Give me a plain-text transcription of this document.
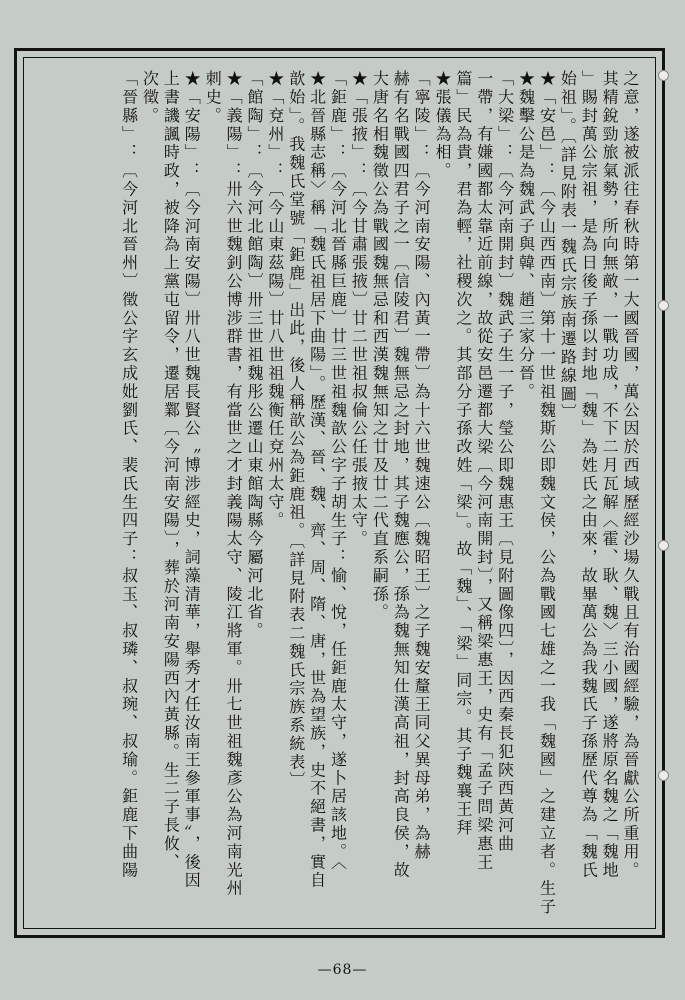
之意，遂被派往春秋時第一大國晉國，萬公因於西域歷經沙場久戰且有治國經驗，為晉獻公所重用。
其精銳勁旅氣勢，所向無敵，一戰功成，不下二月瓦解〈霍、耿、魏〉三小國，遂將原名魏之「魏地
」賜封萬公宗祖，是為日後子孫以封地「魏」為姓氏之由來，故畢萬公為我魏氏子孫歷代尊為「魏氏
始祖」。〔詳見附表一魏氏宗族南遷路線圖〕
★「安邑」：〔今山西西南〕第十一世祖魏斯公即魏文侯，公為戰國七雄之一我「魏國」之建立者。生子
★魏擊公是為魏武子與韓、趙三家分晉。
「大梁」：〔今河南開封〕魏武子生一子，瑩公即魏惠王〔見附圖像四〕，因西秦長犯陝西黃河曲
一帶，有嫌國都太靠近前線，故從安邑遷都大梁〔今河南開封〕，又稱梁惠王，史有「孟子問梁惠王
篇」民為貴，君為輕，社稷次之。其部分子孫改姓「梁」。故「魏」、「梁」同宗。其子魏襄王拜
★張儀為相。
「寧陵」：〔今河南安陽、內黃一帶〕為十六世魏速公〔魏昭王〕之子魏安釐王同父異母弟，為赫
赫有名戰國四君子之一〔信陵君〕魏無忌之封地，其子魏應公，孫為魏無知仕漢高祖，封高良侯，故
大唐名相魏徵公為戰國魏無忌和西漢魏無知之廿及廿二代直系嗣孫。
★「張掖」：〔今甘肅張掖〕廿二世祖叔倫公任張掖太守。
「鉅鹿」：〔今河北晉縣巨鹿〕廿三世祖魏歆公字子胡生子：愉、悅，任鉅鹿太守，遂卜居該地。〈
★北晉縣志稱〉稱「魏氏祖居下曲陽」。歷漢、晉、魏、齊、周、隋、唐，世為望族，史不絕書，實自
歆始」。我魏氏堂號「鉅鹿」出此，後人稱歆公為鉅鹿祖。〔詳見附表二魏氏宗族系統表〕
★「兗州」：〔今山東茲陽〕廿八世祖魏衡任兗州太守。
「館陶」：〔今河北館陶〕卅三世祖魏彤公遷山東館陶縣今屬河北省。
★「義陽」：卅六世魏釗公博涉群書，有當世之才封義陽太守、陵江將軍。卅七世祖魏彥公為河南光州
刺史。
★「安陽」：〔今河南安陽〕卅八世魏長賢公〝博涉經史，詞藻清華，舉秀才任汝南王參軍事〞，後因
上書譏諷時政，被降為上黨屯留令，遷居鄴〔今河南安陽〕，葬於河南安陽西內黃縣。生二子長攸、
次徵。
「晉縣」：〔今河北晉州〕徵公字玄成妣劉氏、裴氏生四子：叔玉、叔璘、叔琬、叔瑜。鉅鹿下曲陽
—68—
